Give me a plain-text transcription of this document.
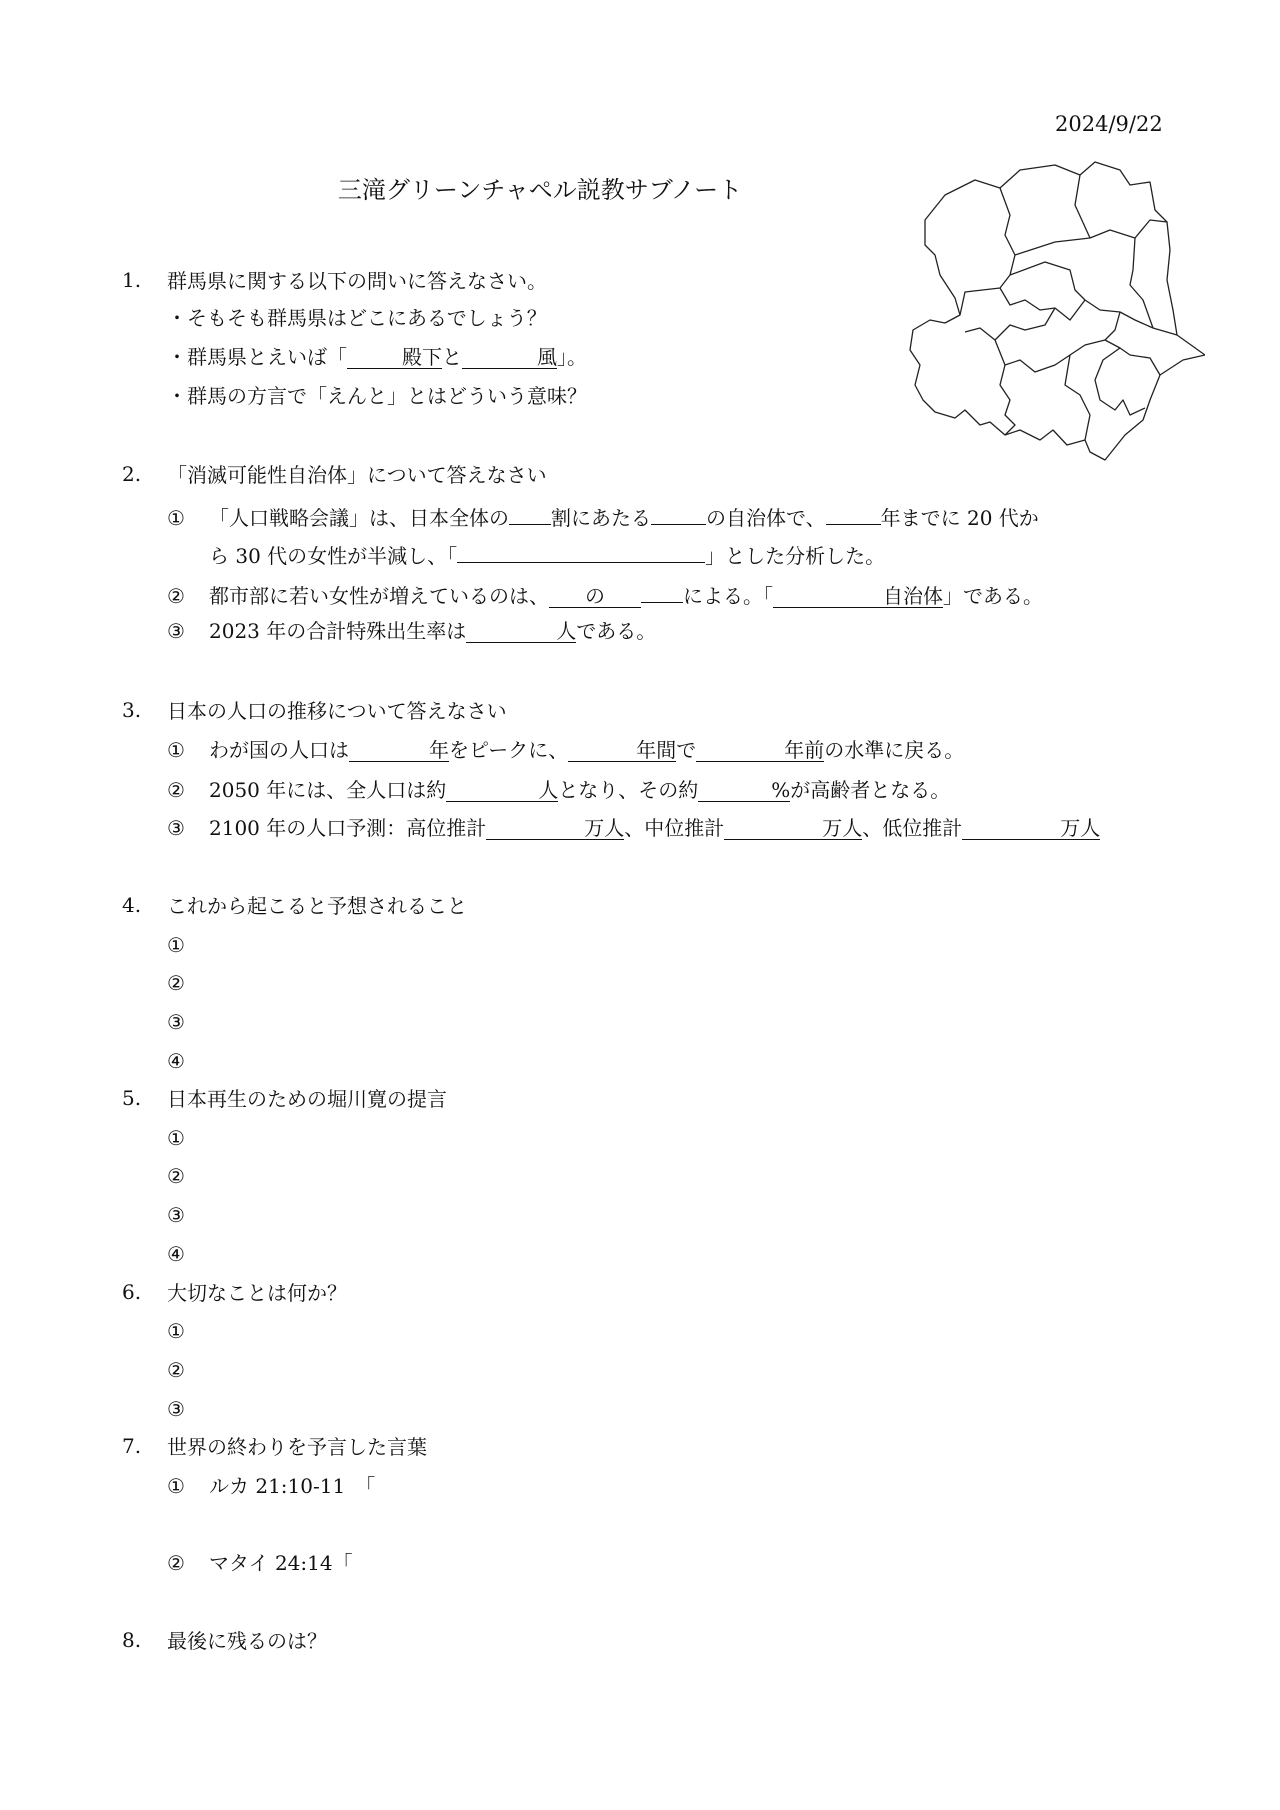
2024/9/22
三滝グリーンチャペル説教サブノート
1. 群馬県に関する以下の問いに答えなさい。
・そもそも群馬県はどこにあるでしょう？
・群馬県とえいば「	殿下と	風」。
・群馬の方言で「えんと」とはどういう意味？
2. 「消滅可能性自治体」について答えなさい
① 「人口戦略会議」は、日本全体の 割にあたる	の自治体で、	年までに 20 代か
ら 30 代の女性が半減し、「	」とした分析した。
② 都市部に若い女性が増えているのは、 の	による。「	自治体」である。
③ 2023 年の合計特殊出生率は	人である。
3. 日本の人口の推移について答えなさい
① わが国の人口は	年をピークに、	年間で	年前の水準に戻る。
② 2050 年には、全人口は約	人となり、その約	%が高齢者となる。
③ 2100 年の人口予測：高位推計	万人、中位推計	万人、低位推計	万人
4. これから起こると予想されること
①
②
③
④
5. 日本再生のための堀川寛の提言
①
②
③
④
6. 大切なことは何か？
①
②
③
7. 世界の終わりを予言した言葉
① ルカ 21:10-11　「
② マタイ 24:14「
8. 最後に残るのは？
